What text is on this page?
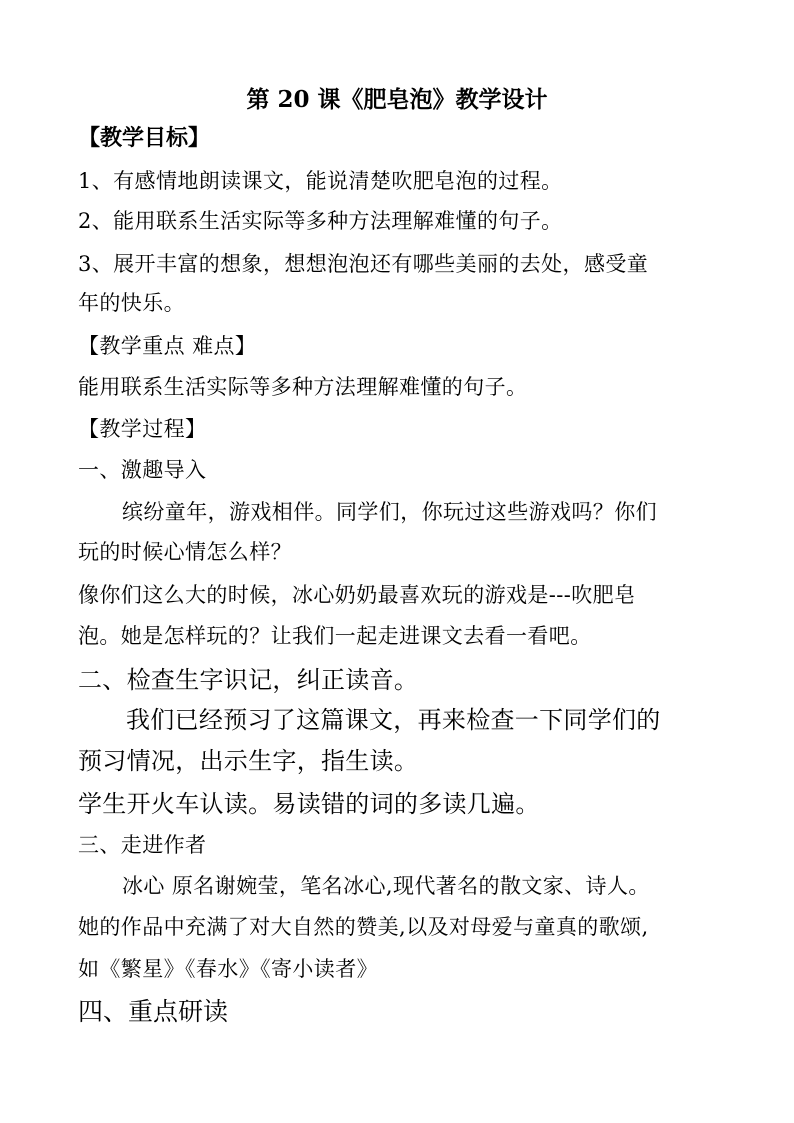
第 20 课《肥皂泡》教学设计
【教学目标】
1、有感情地朗读课文，能说清楚吹肥皂泡的过程。
2、能用联系生活实际等多种方法理解难懂的句子。
3、展开丰富的想象，想想泡泡还有哪些美丽的去处，感受童
年的快乐。
【教学重点 难点】
能用联系生活实际等多种方法理解难懂的句子。
【教学过程】
一、激趣导入
缤纷童年，游戏相伴。同学们，你玩过这些游戏吗？你们
玩的时候心情怎么样？
像你们这么大的时候，冰心奶奶最喜欢玩的游戏是---吹肥皂
泡。她是怎样玩的？让我们一起走进课文去看一看吧。
二、检查生字识记，纠正读音。
我们已经预习了这篇课文，再来检查一下同学们的
预习情况，出示生字，指生读。
学生开火车认读。易读错的词的多读几遍。
三、走进作者
冰心 原名谢婉莹，笔名冰心,现代著名的散文家、诗人。
她的作品中充满了对大自然的赞美,以及对母爱与童真的歌颂,
如《繁星》《春水》《寄小读者》
四、重点研读
